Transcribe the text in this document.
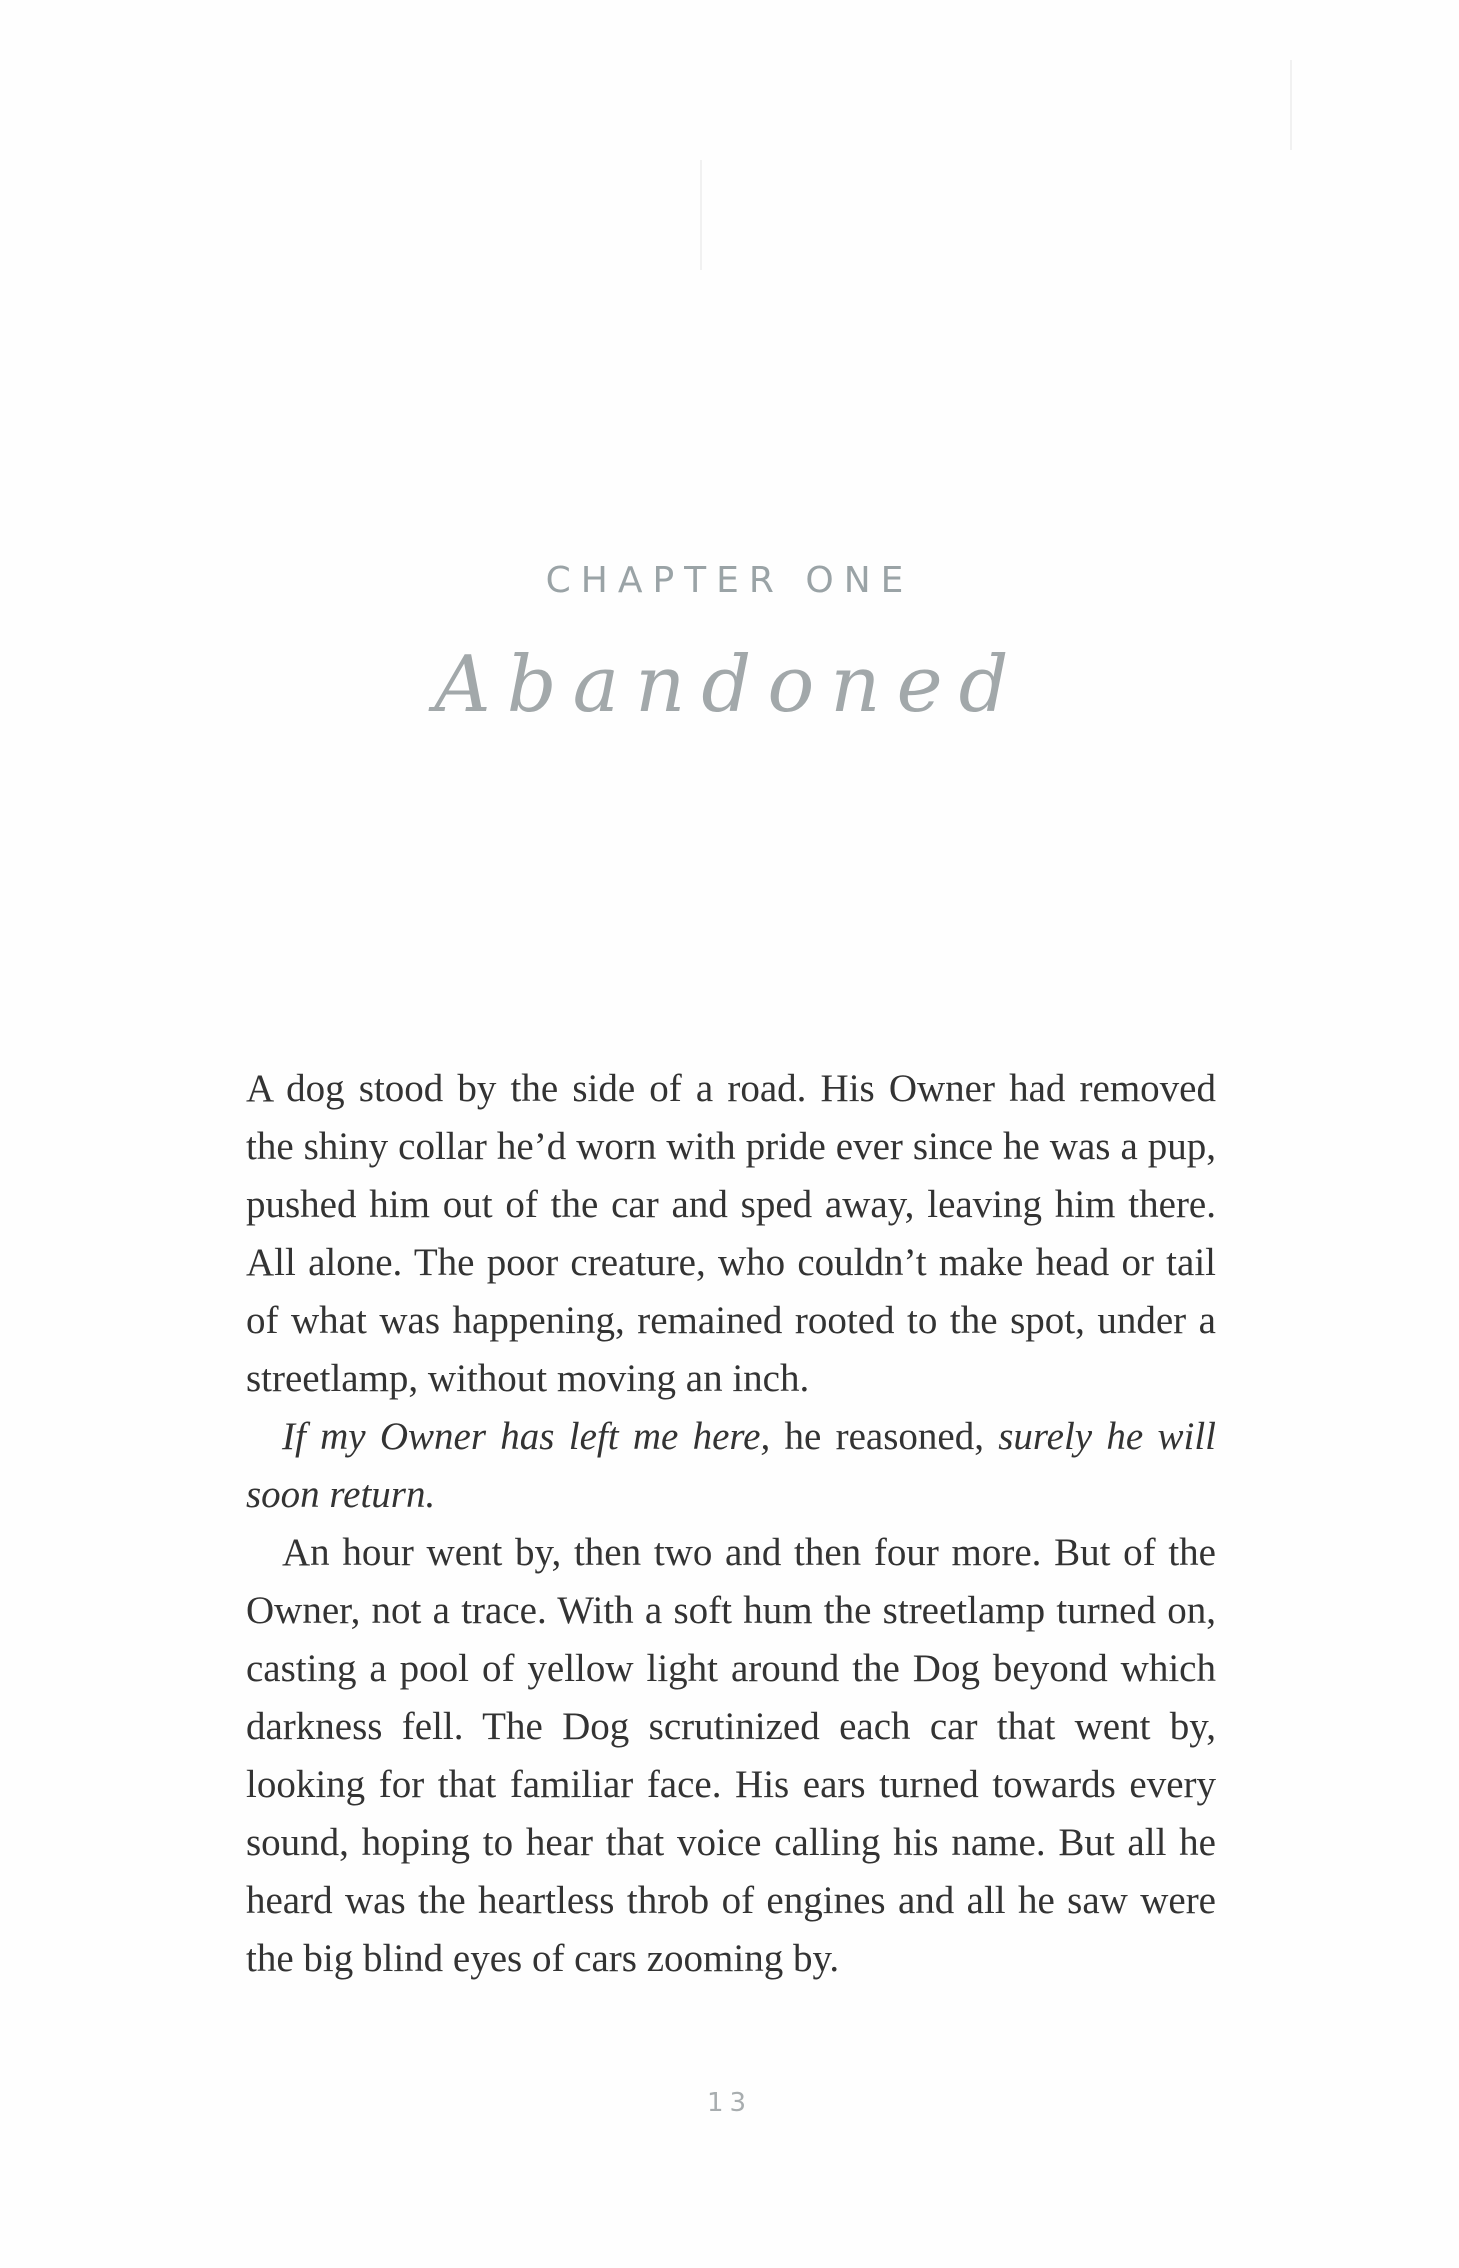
CHAPTER ONE
Abandoned

A dog stood by the side of a road. His Owner had removed the shiny collar he’d worn with pride ever since he was a pup, pushed him out of the car and sped away, leaving him there. All alone. The poor creature, who couldn’t make head or tail of what was happening, remained rooted to the spot, under a streetlamp, without moving an inch.

If my Owner has left me here, he reasoned, surely he will soon return.

An hour went by, then two and then four more. But of the Owner, not a trace. With a soft hum the streetlamp turned on, casting a pool of yellow light around the Dog beyond which darkness fell. The Dog scrutinized each car that went by, looking for that familiar face. His ears turned towards every sound, hoping to hear that voice calling his name. But all he heard was the heartless throb of engines and all he saw were the big blind eyes of cars zooming by.

13
